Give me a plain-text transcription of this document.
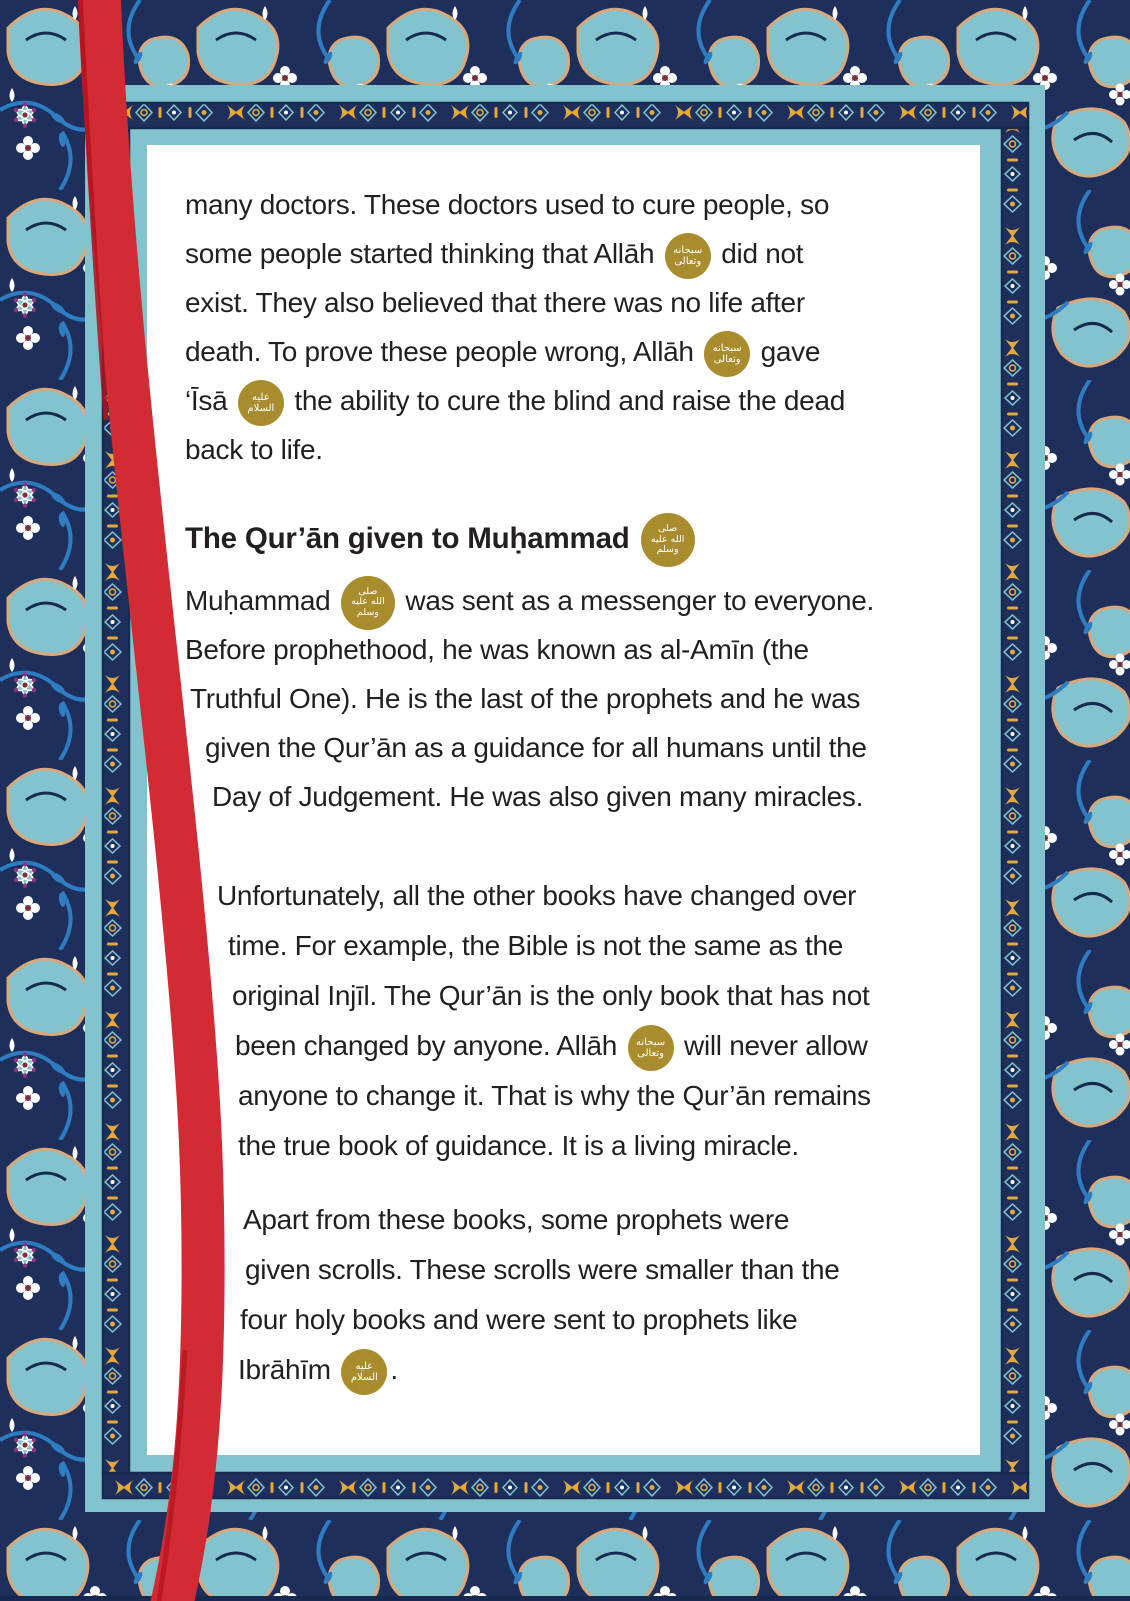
many doctors. These doctors used to cure people, so
some people started thinking that Allāh سبحانه
وتعالى did not
exist. They also believed that there was no life after
death. To prove these people wrong, Allāh سبحانه
وتعالى gave
‘Īsā عليه
السلام the ability to cure the blind and raise the dead
back to life.
The Qur’ān given to Muḥammad صلى
الله عليه
وسلم
Muḥammad صلى
الله عليه
وسلم was sent as a messenger to everyone.
Before prophethood, he was known as al-Amīn (the
Truthful One). He is the last of the prophets and he was
given the Qur’ān as a guidance for all humans until the
Day of Judgement. He was also given many miracles.
Unfortunately, all the other books have changed over
time. For example, the Bible is not the same as the
original Injīl. The Qur’ān is the only book that has not
been changed by anyone. Allāh سبحانه
وتعالى will never allow
anyone to change it. That is why the Qur’ān remains
the true book of guidance. It is a living miracle.
Apart from these books, some prophets were
given scrolls. These scrolls were smaller than the
four holy books and were sent to prophets like
Ibrāhīm عليه
السلام .
